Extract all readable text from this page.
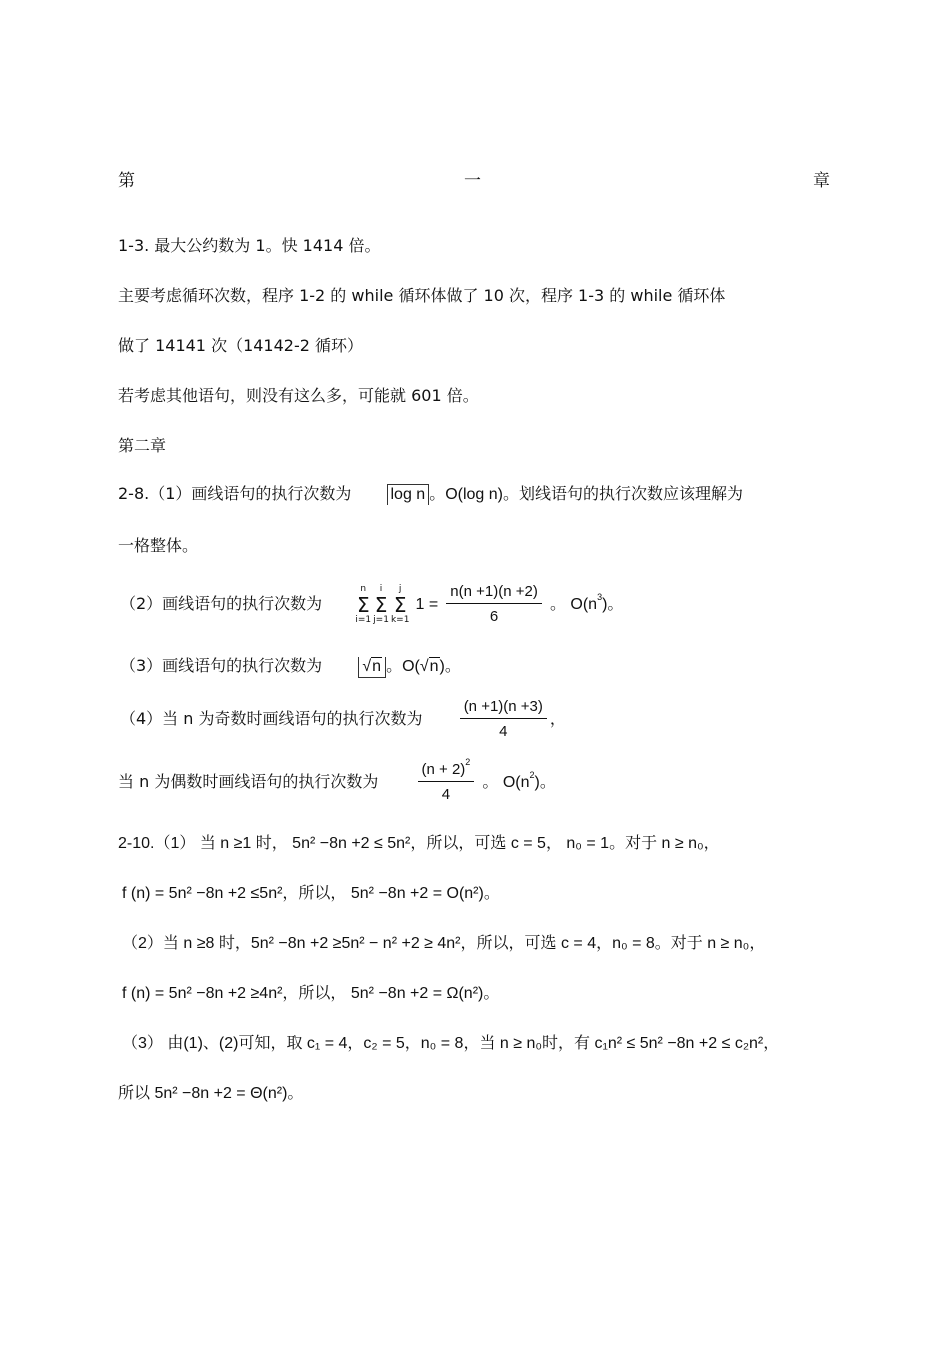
第	一	章
1-3. 最大公约数为 1。快 1414 倍。
主要考虑循环次数，程序 1-2 的 while 循环体做了 10 次，程序 1-3 的 while 循环体
做了 14141 次（14142-2 循环）
若考虑其他语句，则没有这么多，可能就 601 倍。
第二章
2-8.（1）画线语句的执行次数为 log n 。O(log n)。划线语句的执行次数应该理解为
一格整体。
（2）画线语句的执行次数为
n
Σ
i=1
i
Σ
j=1
j
Σ
k=1
$1 = \frac{n(n +1)(n +2)}{6}$ 。 $O(n^3)$。
（3）画线语句的执行次数为	√n 。O(√n)。
（4）当 n 为奇数时画线语句的执行次数为 $\frac{(n +1)(n +3)}{4}$ ，
当 n 为偶数时画线语句的执行次数为	$\frac{(n + 2)^2}{4}$ 。 $O(n^2)$。
2-10.（1） 当 n ≥1 时， 5n² −8n +2 ≤ 5n²，所以，可选 c = 5， n₀ = 1。对于 n ≥ n₀，
f (n) = 5n² −8n +2 ≤5n²，所以， 5n² −8n +2 = O(n²)。
（2）当 n ≥8 时，5n² −8n +2 ≥5n² − n² +2 ≥ 4n²，所以，可选 c = 4，n₀ = 8。对于 n ≥ n₀，
f (n) = 5n² −8n +2 ≥4n²，所以， 5n² −8n +2 = Ω(n²)。
（3） 由(1)、(2)可知，取 c₁ = 4，c₂ = 5，n₀ = 8，当 n ≥ n₀时，有 c₁n² ≤ 5n² −8n +2 ≤ c₂n²，
所以 5n² −8n +2 = Θ(n²)。
